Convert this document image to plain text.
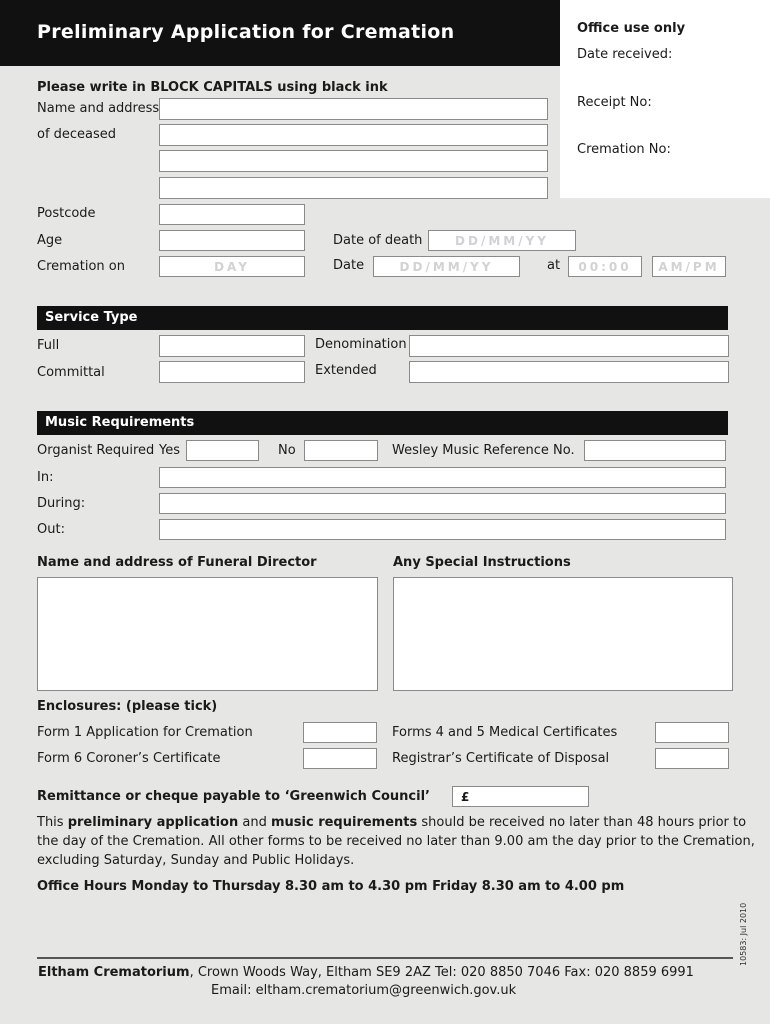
Preliminary Application for Cremation	Office use only
Date received:
Receipt No:
Cremation No:
Please write in BLOCK CAPITALS using black ink
Name and address
of deceased
Postcode
Age	Date of death	DD/MM/YY
Cremation on	DAY	Date	DD/MM/YY	at	00:00	AM/PM
Service Type
Full	Denomination
Committal	Extended
Music Requirements
Organist Required Yes	No	Wesley Music Reference No.
In:
During:
Out:
Name and address of Funeral Director	Any Special Instructions
Enclosures: (please tick)
Form 1 Application for Cremation	Forms 4 and 5 Medical Certificates
Form 6 Coroner’s Certificate	Registrar’s Certificate of Disposal
Remittance or cheque payable to ‘Greenwich Council’	£
This preliminary application and music requirements should be received no later than 48 hours prior to
the day of the Cremation. All other forms to be received no later than 9.00 am the day prior to the Cremation,
excluding Saturday, Sunday and Public Holidays.
Office Hours Monday to Thursday 8.30 am to 4.30 pm Friday 8.30 am to 4.00 pm
10583: Jul 2010
Eltham Crematorium, Crown Woods Way, Eltham SE9 2AZ Tel: 020 8850 7046 Fax: 020 8859 6991
Email: eltham.crematorium@greenwich.gov.uk
